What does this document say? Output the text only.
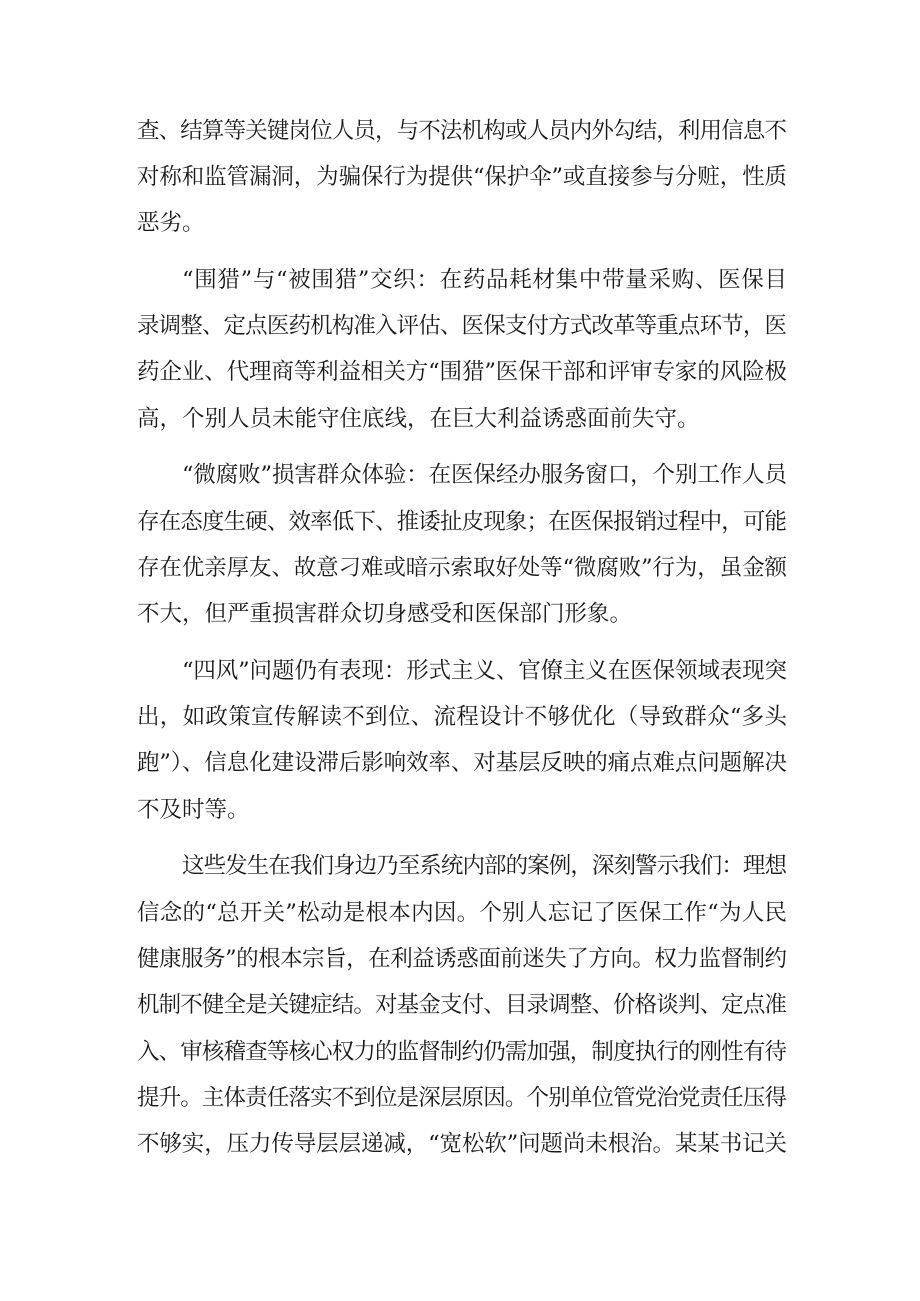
查、结算等关键岗位人员，与不法机构或人员内外勾结，利用信息不

对称和监管漏洞，为骗保行为提供“保护伞”或直接参与分赃，性质

恶劣。

“围猎”与“被围猎”交织：在药品耗材集中带量采购、医保目

录调整、定点医药机构准入评估、医保支付方式改革等重点环节，医

药企业、代理商等利益相关方“围猎”医保干部和评审专家的风险极

高，个别人员未能守住底线，在巨大利益诱惑面前失守。

“微腐败”损害群众体验：在医保经办服务窗口，个别工作人员

存在态度生硬、效率低下、推诿扯皮现象；在医保报销过程中，可能

存在优亲厚友、故意刁难或暗示索取好处等“微腐败”行为，虽金额

不大，但严重损害群众切身感受和医保部门形象。

“四风”问题仍有表现：形式主义、官僚主义在医保领域表现突

出，如政策宣传解读不到位、流程设计不够优化（导致群众“多头

跑”）、信息化建设滞后影响效率、对基层反映的痛点难点问题解决

不及时等。

这些发生在我们身边乃至系统内部的案例，深刻警示我们：理想

信念的“总开关”松动是根本内因。个别人忘记了医保工作“为人民

健康服务”的根本宗旨，在利益诱惑面前迷失了方向。权力监督制约

机制不健全是关键症结。对基金支付、目录调整、价格谈判、定点准

入、审核稽查等核心权力的监督制约仍需加强，制度执行的刚性有待

提升。主体责任落实不到位是深层原因。个别单位管党治党责任压得

不够实，压力传导层层递减，“宽松软”问题尚未根治。某某书记关
